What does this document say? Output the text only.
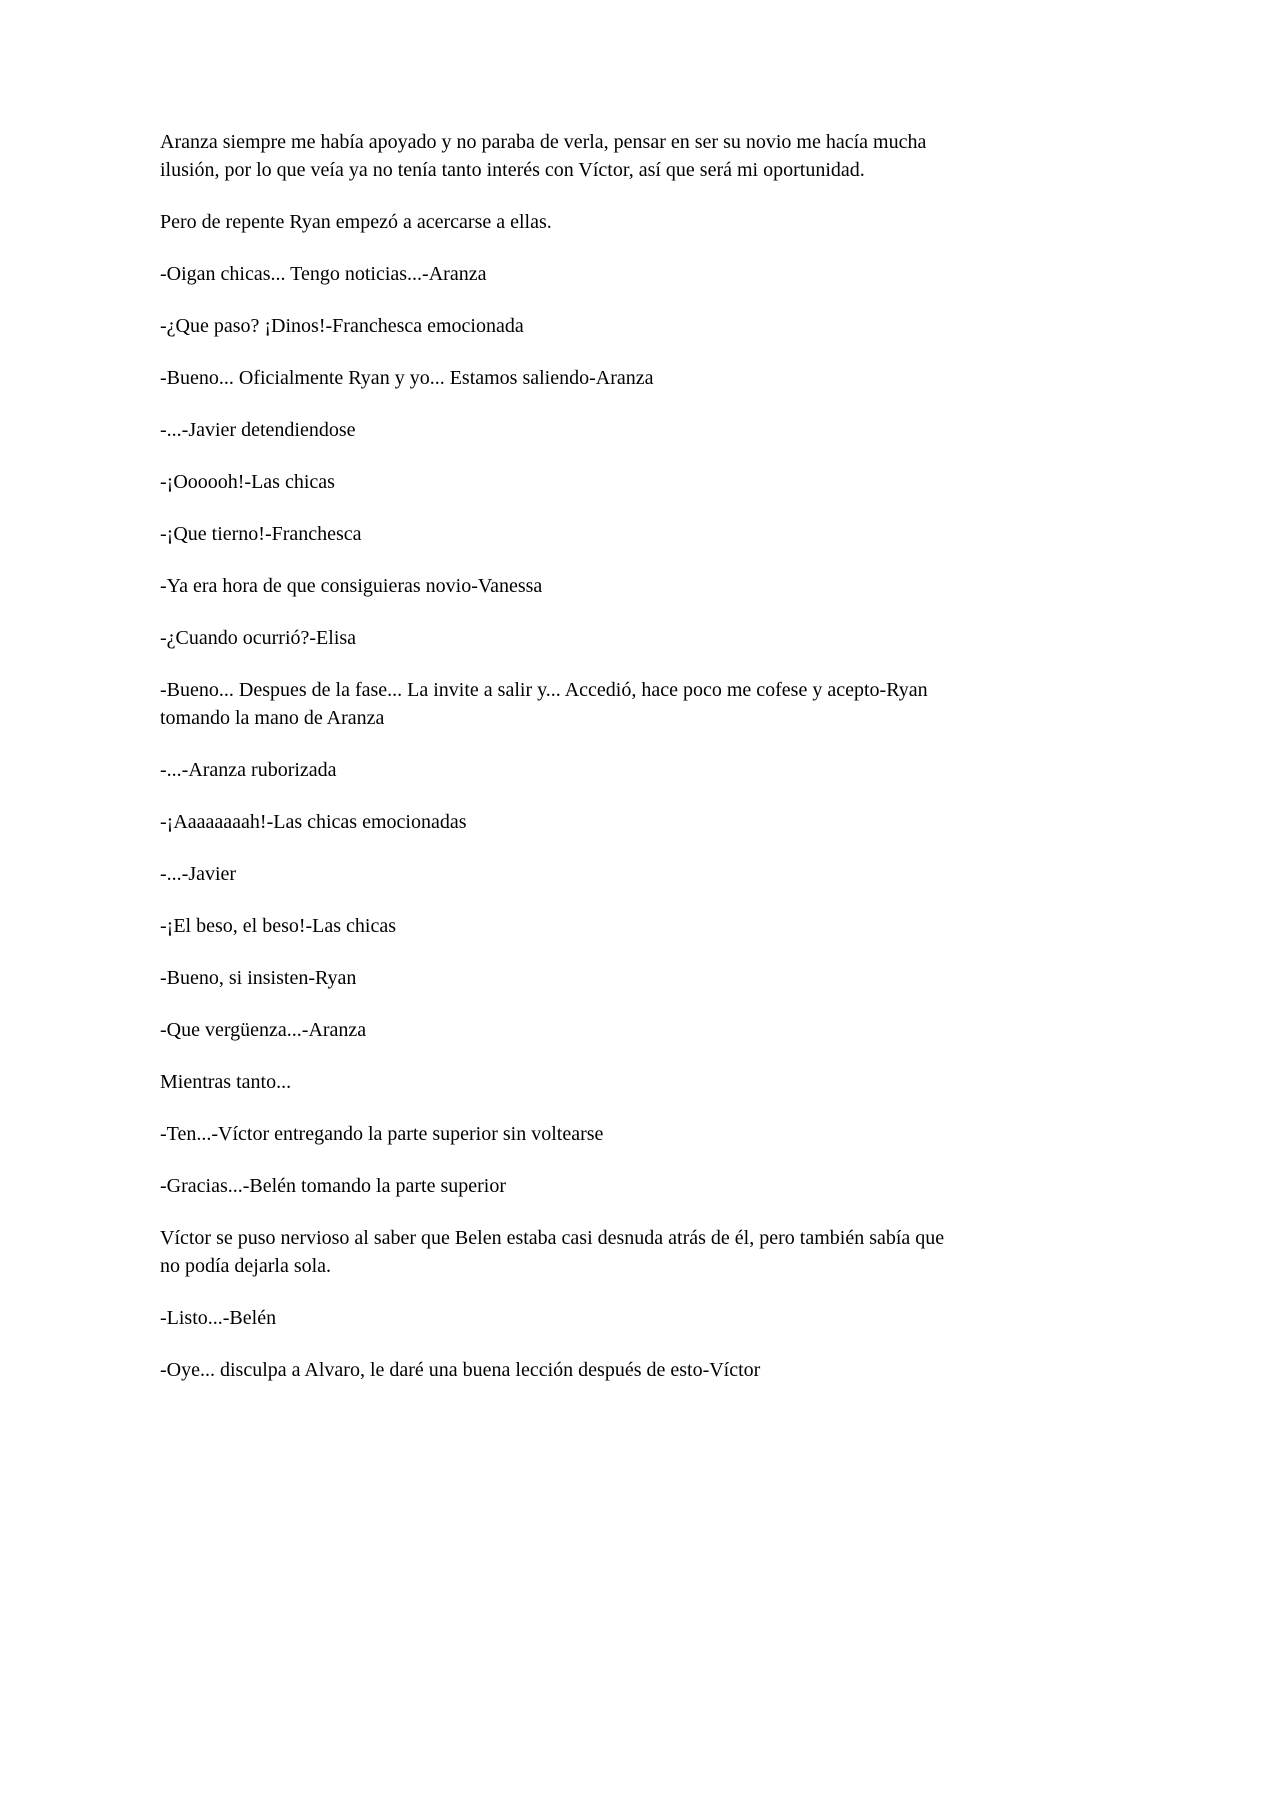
Aranza siempre me había apoyado y no paraba de verla, pensar en ser su novio me hacía mucha ilusión, por lo que veía ya no tenía tanto interés con Víctor, así que será mi oportunidad.

Pero de repente Ryan empezó a acercarse a ellas.

-Oigan chicas... Tengo noticias...-Aranza

-¿Que paso? ¡Dinos!-Franchesca emocionada

-Bueno... Oficialmente Ryan y yo... Estamos saliendo-Aranza

-...-Javier detendiendose

-¡Oooooh!-Las chicas

-¡Que tierno!-Franchesca

-Ya era hora de que consiguieras novio-Vanessa

-¿Cuando ocurrió?-Elisa

-Bueno... Despues de la fase... La invite a salir y... Accedió, hace poco me cofese y acepto-Ryan tomando la mano de Aranza

-...-Aranza ruborizada

-¡Aaaaaaaah!-Las chicas emocionadas

-...-Javier

-¡El beso, el beso!-Las chicas

-Bueno, si insisten-Ryan

-Que vergüenza...-Aranza

Mientras tanto...

-Ten...-Víctor entregando la parte superior sin voltearse

-Gracias...-Belén tomando la parte superior

Víctor se puso nervioso al saber que Belen estaba casi desnuda atrás de él, pero también sabía que no podía dejarla sola.

-Listo...-Belén

-Oye... disculpa a Alvaro, le daré una buena lección después de esto-Víctor
